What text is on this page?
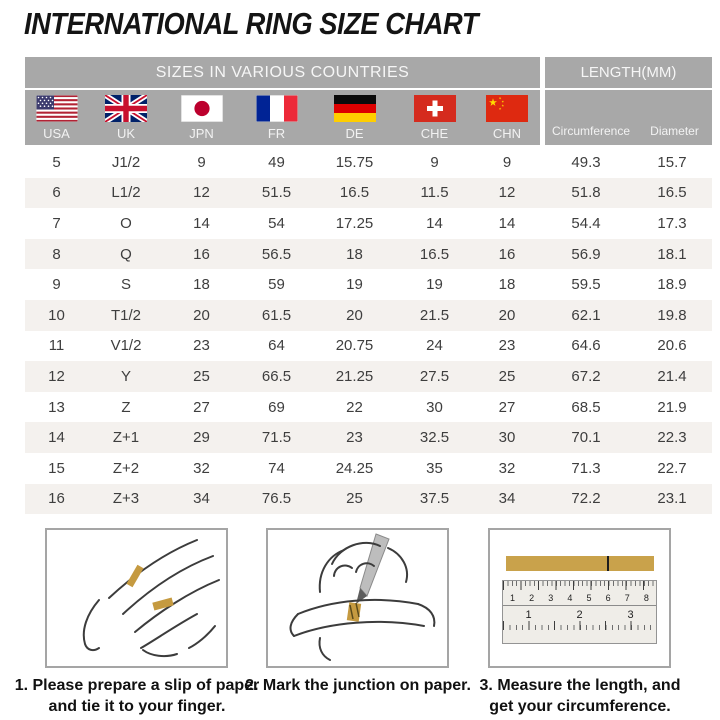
INTERNATIONAL RING SIZE CHART
SIZES IN VARIOUS COUNTRIES	LENGTH(MM)
USA	UK	JPN	FR	DE	CHE	CHN	Circumference	Diameter
5	J1/2	9	49	15.75	9	9	49.3	15.7
6	L1/2	12	51.5	16.5	11.5	12	51.8	16.5
7	O	14	54	17.25	14	14	54.4	17.3
8	Q	16	56.5	18	16.5	16	56.9	18.1
9	S	18	59	19	19	18	59.5	18.9
10	T1/2	20	61.5	20	21.5	20	62.1	19.8
11	V1/2	23	64	20.75	24	23	64.6	20.6
12	Y	25	66.5	21.25	27.5	25	67.2	21.4
13	Z	27	69	22	30	27	68.5	21.9
14	Z+1	29	71.5	23	32.5	30	70.1	22.3
15	Z+2	32	74	24.25	35	32	71.3	22.7
16	Z+3	34	76.5	25	37.5	34	72.2	23.1
1	2	3	4	5	6	7	8
1	2	3
1. Please prepare a slip of paper and tie it to your finger.
2. Mark the junction on paper. 3. Measure the length, and get your circumference.
